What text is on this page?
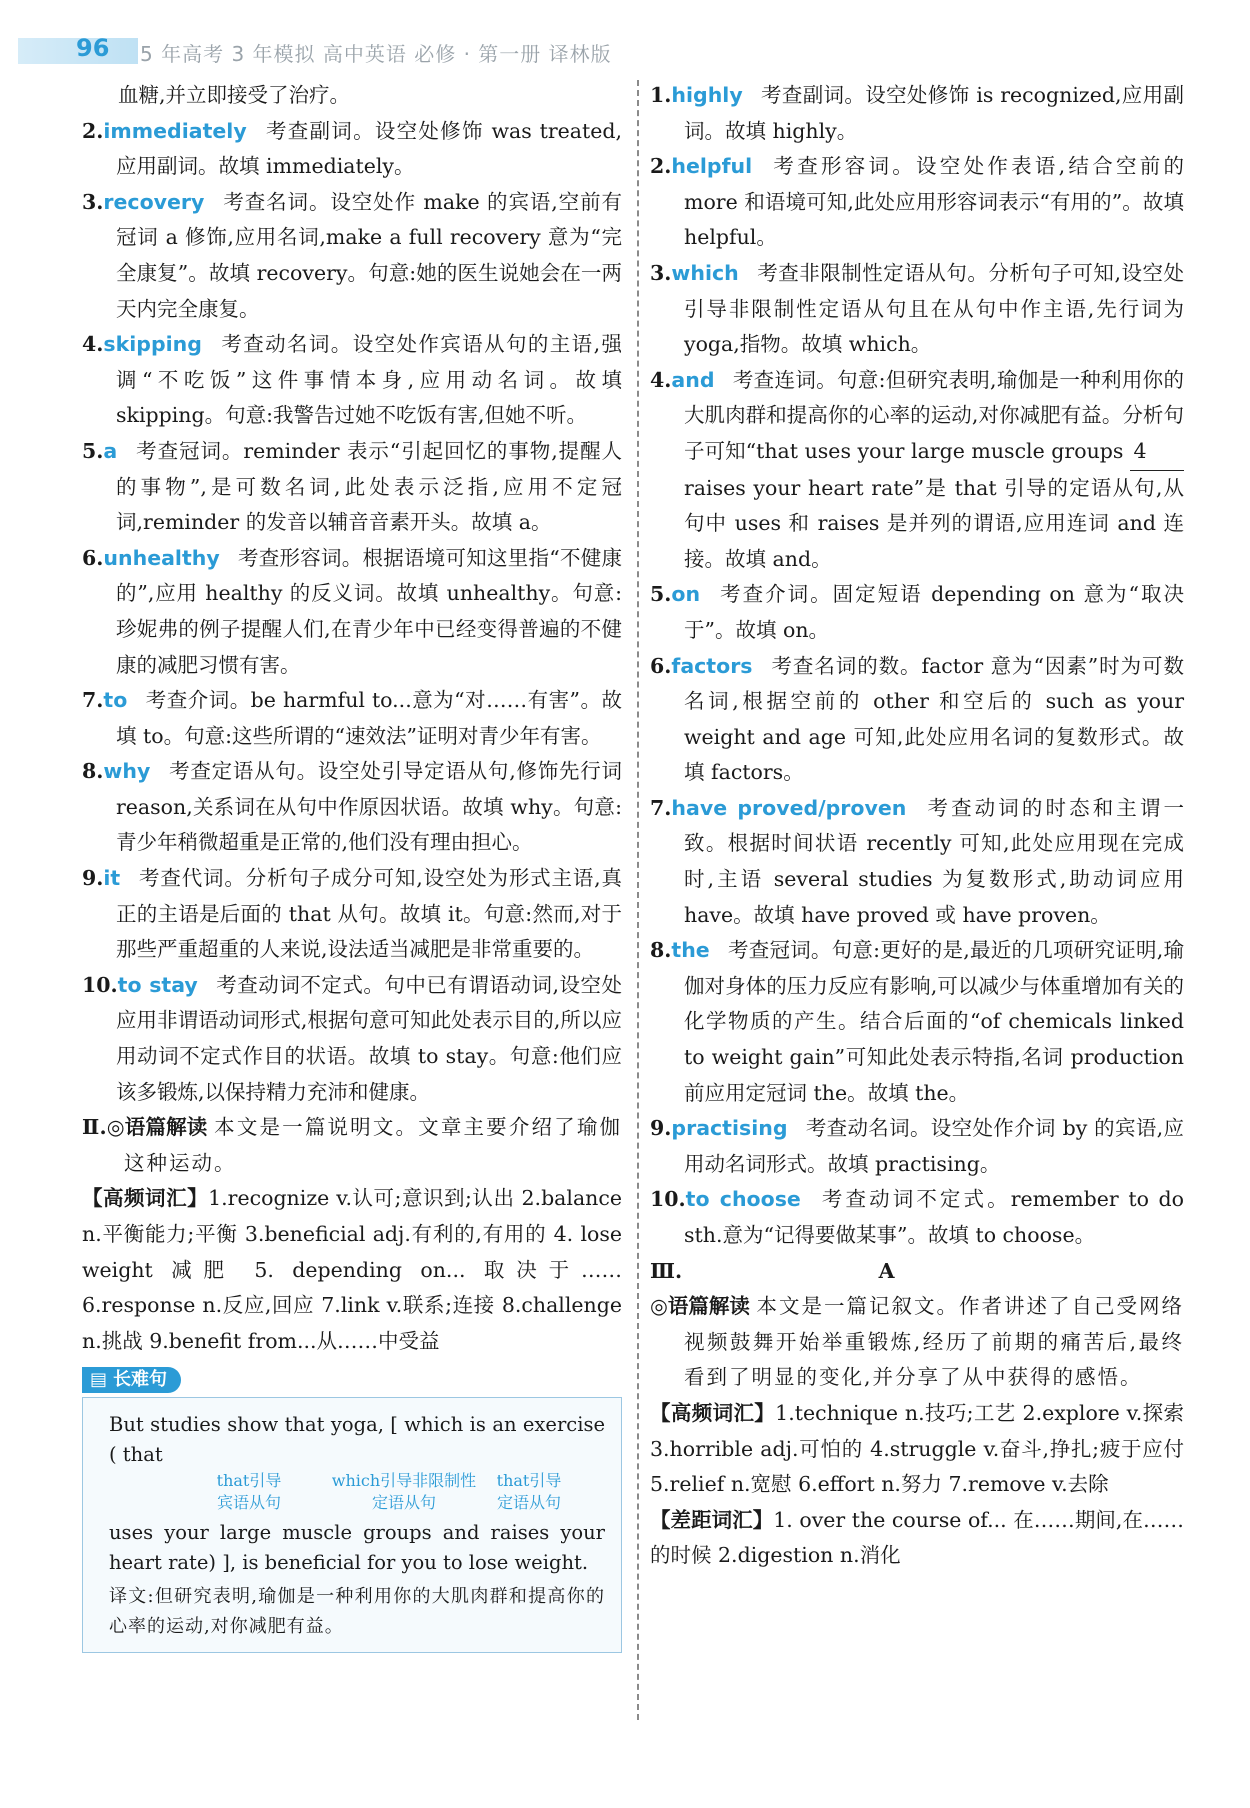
96 5 年高考 3 年模拟 高中英语 必修 · 第一册 译林版

血糖,并立即接受了治疗。

2.immediately 考查副词。设空处修饰 was treated,应用副词。故填 immediately。

3.recovery 考查名词。设空处作 make 的宾语,空前有冠词 a 修饰,应用名词,make a full recovery 意为“完全康复”。故填 recovery。句意:她的医生说她会在一两天内完全康复。

4.skipping 考查动名词。设空处作宾语从句的主语,强调“不吃饭”这件事情本身,应用动名词。故填 skipping。句意:我警告过她不吃饭有害,但她不听。

5.a 考查冠词。reminder 表示“引起回忆的事物,提醒人的事物”,是可数名词,此处表示泛指,应用不定冠词,reminder 的发音以辅音音素开头。故填 a。

6.unhealthy 考查形容词。根据语境可知这里指“不健康的”,应用 healthy 的反义词。故填 unhealthy。句意:珍妮弗的例子提醒人们,在青少年中已经变得普遍的不健康的减肥习惯有害。

7.to 考查介词。be harmful to...意为“对……有害”。故填 to。句意:这些所谓的“速效法”证明对青少年有害。

8.why 考查定语从句。设空处引导定语从句,修饰先行词 reason,关系词在从句中作原因状语。故填 why。句意:青少年稍微超重是正常的,他们没有理由担心。

9.it 考查代词。分析句子成分可知,设空处为形式主语,真正的主语是后面的 that 从句。故填 it。句意:然而,对于那些严重超重的人来说,设法适当减肥是非常重要的。

10.to stay 考查动词不定式。句中已有谓语动词,设空处应用非谓语动词形式,根据句意可知此处表示目的,所以应用动词不定式作目的状语。故填 to stay。句意:他们应该多锻炼,以保持精力充沛和健康。

Ⅱ.◎语篇解读 本文是一篇说明文。文章主要介绍了瑜伽这种运动。

【高频词汇】1.recognize v.认可;意识到;认出 2.balance n.平衡能力;平衡 3.beneficial adj.有利的,有用的 4. lose weight 减肥 5. depending on... 取决于…… 6.response n.反应,回应 7.link v.联系;连接 8.challenge n.挑战 9.benefit from...从……中受益

▤ 长难句
But studies show that yoga, [ which is an exercise ( that
that引导宾语从句
which引导非限制性定语从句
that引导定语从句
uses your large muscle groups and raises your heart rate) ], is beneficial for you to lose weight.
译文:但研究表明,瑜伽是一种利用你的大肌肉群和提高你的心率的运动,对你减肥有益。

1.highly 考查副词。设空处修饰 is recognized,应用副词。故填 highly。

2.helpful 考查形容词。设空处作表语,结合空前的 more 和语境可知,此处应用形容词表示“有用的”。故填 helpful。

3.which 考查非限制性定语从句。分析句子可知,设空处引导非限制性定语从句且在从句中作主语,先行词为 yoga,指物。故填 which。

4.and 考查连词。句意:但研究表明,瑜伽是一种利用你的大肌肉群和提高你的心率的运动,对你减肥有益。分析句子可知“that uses your large muscle groups 4 raises your heart rate”是 that 引导的定语从句,从句中 uses 和 raises 是并列的谓语,应用连词 and 连接。故填 and。

5.on 考查介词。固定短语 depending on 意为“取决于”。故填 on。

6.factors 考查名词的数。factor 意为“因素”时为可数名词,根据空前的 other 和空后的 such as your weight and age 可知,此处应用名词的复数形式。故填 factors。

7.have proved/proven 考查动词的时态和主谓一致。根据时间状语 recently 可知,此处应用现在完成时,主语 several studies 为复数形式,助动词应用 have。故填 have proved 或 have proven。

8.the 考查冠词。句意:更好的是,最近的几项研究证明,瑜伽对身体的压力反应有影响,可以减少与体重增加有关的化学物质的产生。结合后面的“of chemicals linked to weight gain”可知此处表示特指,名词 production 前应用定冠词 the。故填 the。

9.practising 考查动名词。设空处作介词 by 的宾语,应用动名词形式。故填 practising。

10.to choose 考查动词不定式。remember to do sth.意为“记得要做某事”。故填 to choose。

Ⅲ.	A

◎语篇解读 本文是一篇记叙文。作者讲述了自己受网络视频鼓舞开始举重锻炼,经历了前期的痛苦后,最终看到了明显的变化,并分享了从中获得的感悟。

【高频词汇】1.technique n.技巧;工艺 2.explore v.探索 3.horrible adj.可怕的 4.struggle v.奋斗,挣扎;疲于应付 5.relief n.宽慰 6.effort n.努力 7.remove v.去除

【差距词汇】1. over the course of... 在……期间,在……的时候 2.digestion n.消化
